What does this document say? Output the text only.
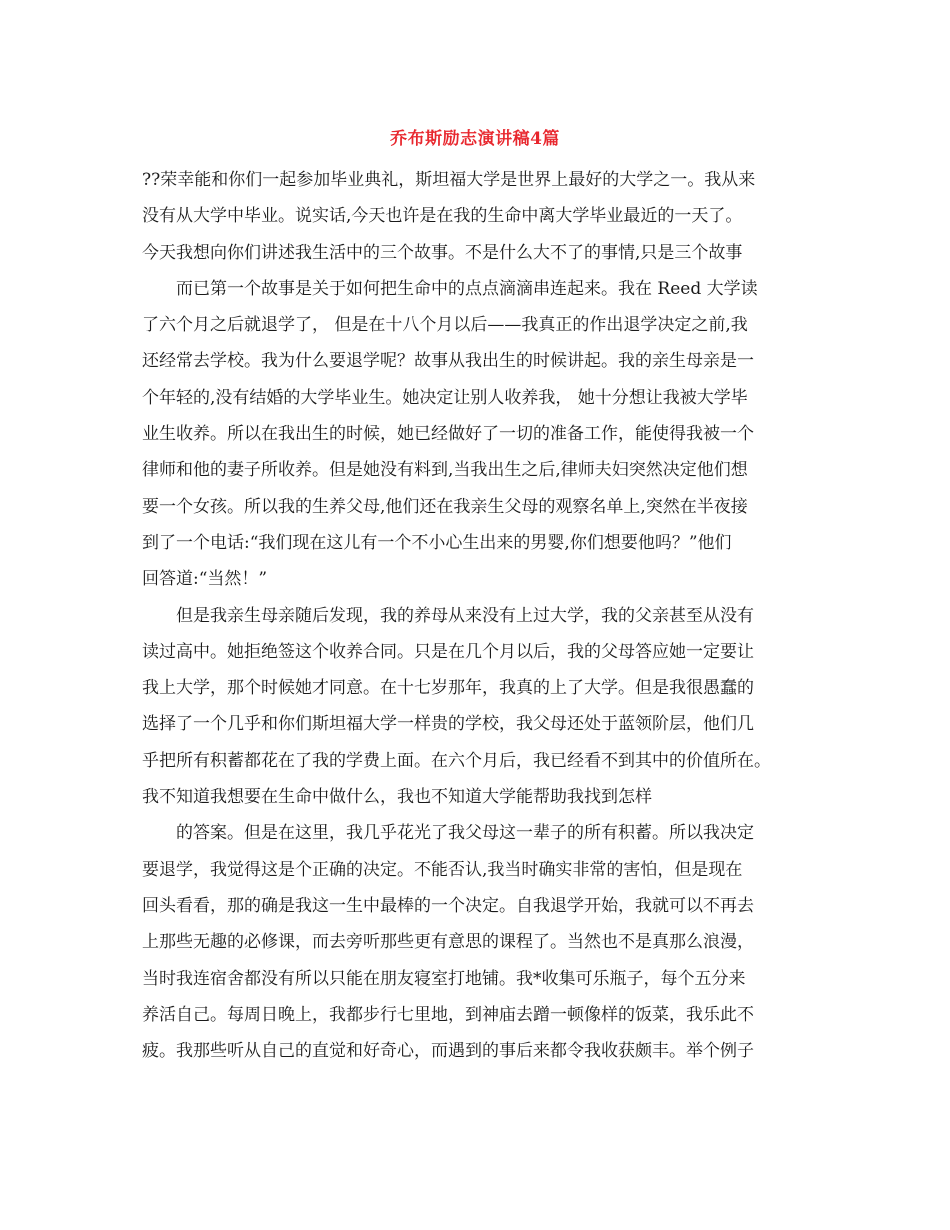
乔布斯励志演讲稿4篇
??荣幸能和你们一起参加毕业典礼，斯坦福大学是世界上最好的大学之一。我从来
没有从大学中毕业。说实话,今天也许是在我的生命中离大学毕业最近的一天了。
今天我想向你们讲述我生活中的三个故事。不是什么大不了的事情,只是三个故事
而已第一个故事是关于如何把生命中的点点滴滴串连起来。我在 Reed 大学读
了六个月之后就退学了， 但是在十八个月以后——我真正的作出退学决定之前,我
还经常去学校。我为什么要退学呢？故事从我出生的时候讲起。我的亲生母亲是一
个年轻的,没有结婚的大学毕业生。她决定让别人收养我， 她十分想让我被大学毕
业生收养。所以在我出生的时候，她已经做好了一切的准备工作，能使得我被一个
律师和他的妻子所收养。但是她没有料到,当我出生之后,律师夫妇突然决定他们想
要一个女孩。所以我的生养父母,他们还在我亲生父母的观察名单上,突然在半夜接
到了一个电话:“我们现在这儿有一个不小心生出来的男婴,你们想要他吗？”他们
回答道:“当然！”
但是我亲生母亲随后发现，我的养母从来没有上过大学，我的父亲甚至从没有
读过高中。她拒绝签这个收养合同。只是在几个月以后，我的父母答应她一定要让
我上大学，那个时候她才同意。在十七岁那年，我真的上了大学。但是我很愚蠢的
选择了一个几乎和你们斯坦福大学一样贵的学校，我父母还处于蓝领阶层，他们几
乎把所有积蓄都花在了我的学费上面。在六个月后，我已经看不到其中的价值所在。
我不知道我想要在生命中做什么，我也不知道大学能帮助我找到怎样
的答案。但是在这里，我几乎花光了我父母这一辈子的所有积蓄。所以我决定
要退学，我觉得这是个正确的决定。不能否认,我当时确实非常的害怕，但是现在
回头看看，那的确是我这一生中最棒的一个决定。自我退学开始，我就可以不再去
上那些无趣的必修课，而去旁听那些更有意思的课程了。当然也不是真那么浪漫，
当时我连宿舍都没有所以只能在朋友寝室打地铺。我*收集可乐瓶子，每个五分来
养活自己。每周日晚上，我都步行七里地，到神庙去蹭一顿像样的饭菜，我乐此不
疲。我那些听从自己的直觉和好奇心，而遇到的事后来都令我收获颇丰。举个例子
